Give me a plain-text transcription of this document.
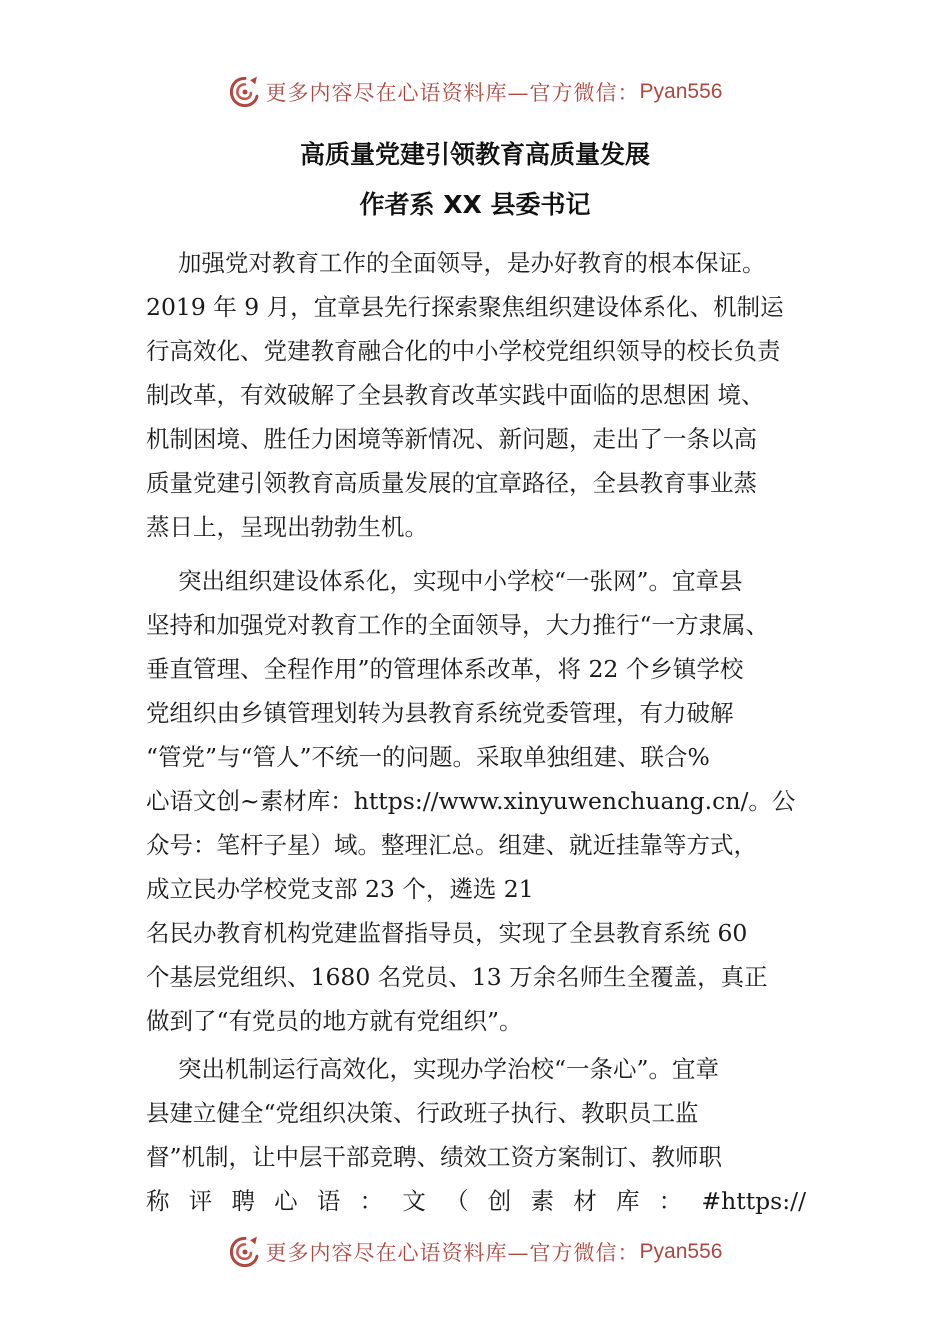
更多内容尽在心语资料库—官方微信： Pyan556
高质量党建引领教育高质量发展
作者系 XX 县委书记
加强党对教育工作的全面领导，是办好教育的根本保证。
2019 年 9 月，宜章县先行探索聚焦组织建设体系化、机制运
行高效化、党建教育融合化的中小学校党组织领导的校长负责
制改革，有效破解了全县教育改革实践中面临的思想困 境、
机制困境、胜任力困境等新情况、新问题，走出了一条以高
质量党建引领教育高质量发展的宜章路径，全县教育事业蒸
蒸日上，呈现出勃勃生机。
突出组织建设体系化，实现中小学校“一张网”。宜章县
坚持和加强党对教育工作的全面领导，大力推行“一方隶属、
垂直管理、全程作用”的管理体系改革，将 22 个乡镇学校
党组织由乡镇管理划转为县教育系统党委管理，有力破解
“管党”与“管人”不统一的问题。采取单独组建、联合%
心语文创~素材库：https://www.xinyuwenchuang.cn/。公
众号：笔杆子星）域。整理汇总。组建、就近挂靠等方式，
成立民办学校党支部 23 个，遴选 21
名民办教育机构党建监督指导员，实现了全县教育系统 60
个基层党组织、1680 名党员、13 万余名师生全覆盖，真正
做到了“有党员的地方就有党组织”。
突出机制运行高效化，实现办学治校“一条心”。宜章
县建立健全“党组织决策、行政班子执行、教职员工监
督”机制，让中层干部竞聘、绩效工资方案制订、教师职
称评聘心语：文（创素材库：#https://
更多内容尽在心语资料库—官方微信： Pyan556
